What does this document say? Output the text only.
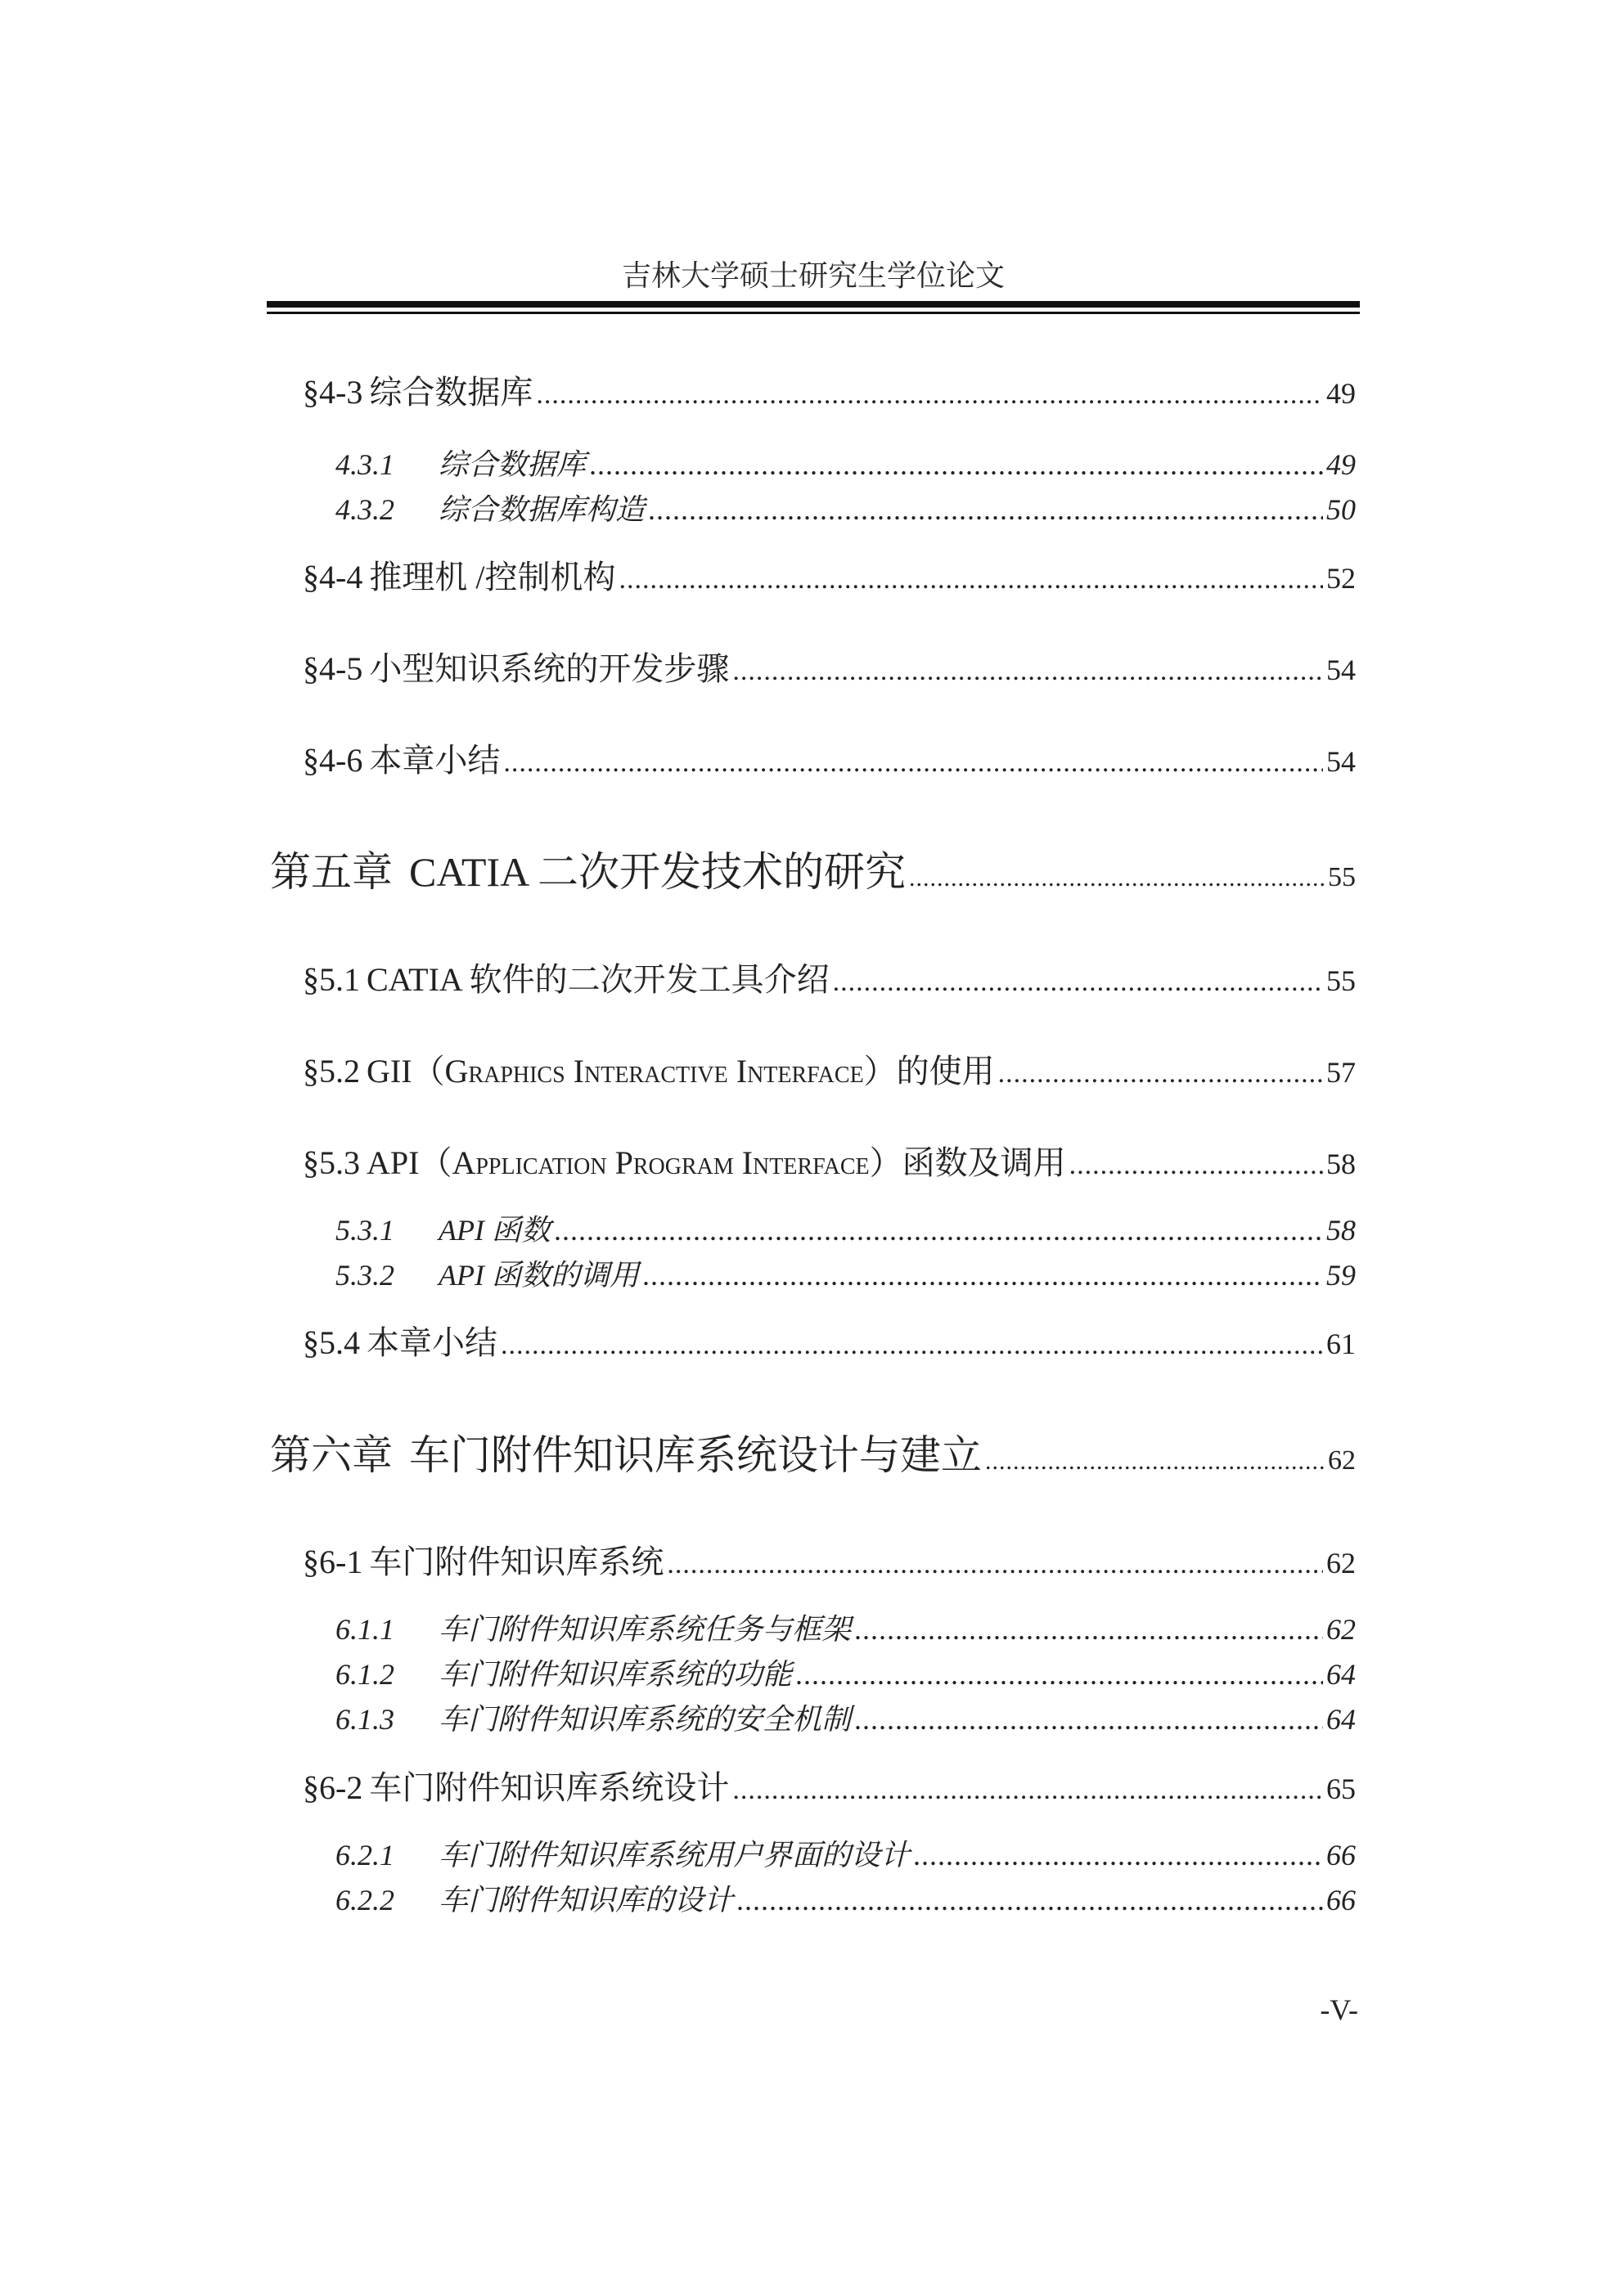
吉林大学硕士研究生学位论文
§4-3 综合数据库 .....	49
4.3.1 综合数据库 .....	49
4.3.2 综合数据库构造 .....	50
§4-4 推理机 /控制机构 .....	52
§4-5 小型知识系统的开发步骤 .....	54
§4-6 本章小结 .....	54
第五章 CATIA 二次开发技术的研究 .....	55
§5.1 CATIA 软件的二次开发工具介绍 .....	55
§5.2 GII（Graphics Interactive Interface）的使用 .....	57
§5.3 API（Application Program Interface）函数及调用 .....	58
5.3.1 API 函数 .....	58
5.3.2 API 函数的调用 .....	59
§5.4 本章小结 .....	61
第六章 车门附件知识库系统设计与建立 .....	62
§6-1 车门附件知识库系统 .....	62
6.1.1 车门附件知识库系统任务与框架 .....	62
6.1.2 车门附件知识库系统的功能 .....	64
6.1.3 车门附件知识库系统的安全机制 .....	64
§6-2 车门附件知识库系统设计 .....	65
6.2.1 车门附件知识库系统用户界面的设计 .....	66
6.2.2 车门附件知识库的设计 .....	66
-V-
